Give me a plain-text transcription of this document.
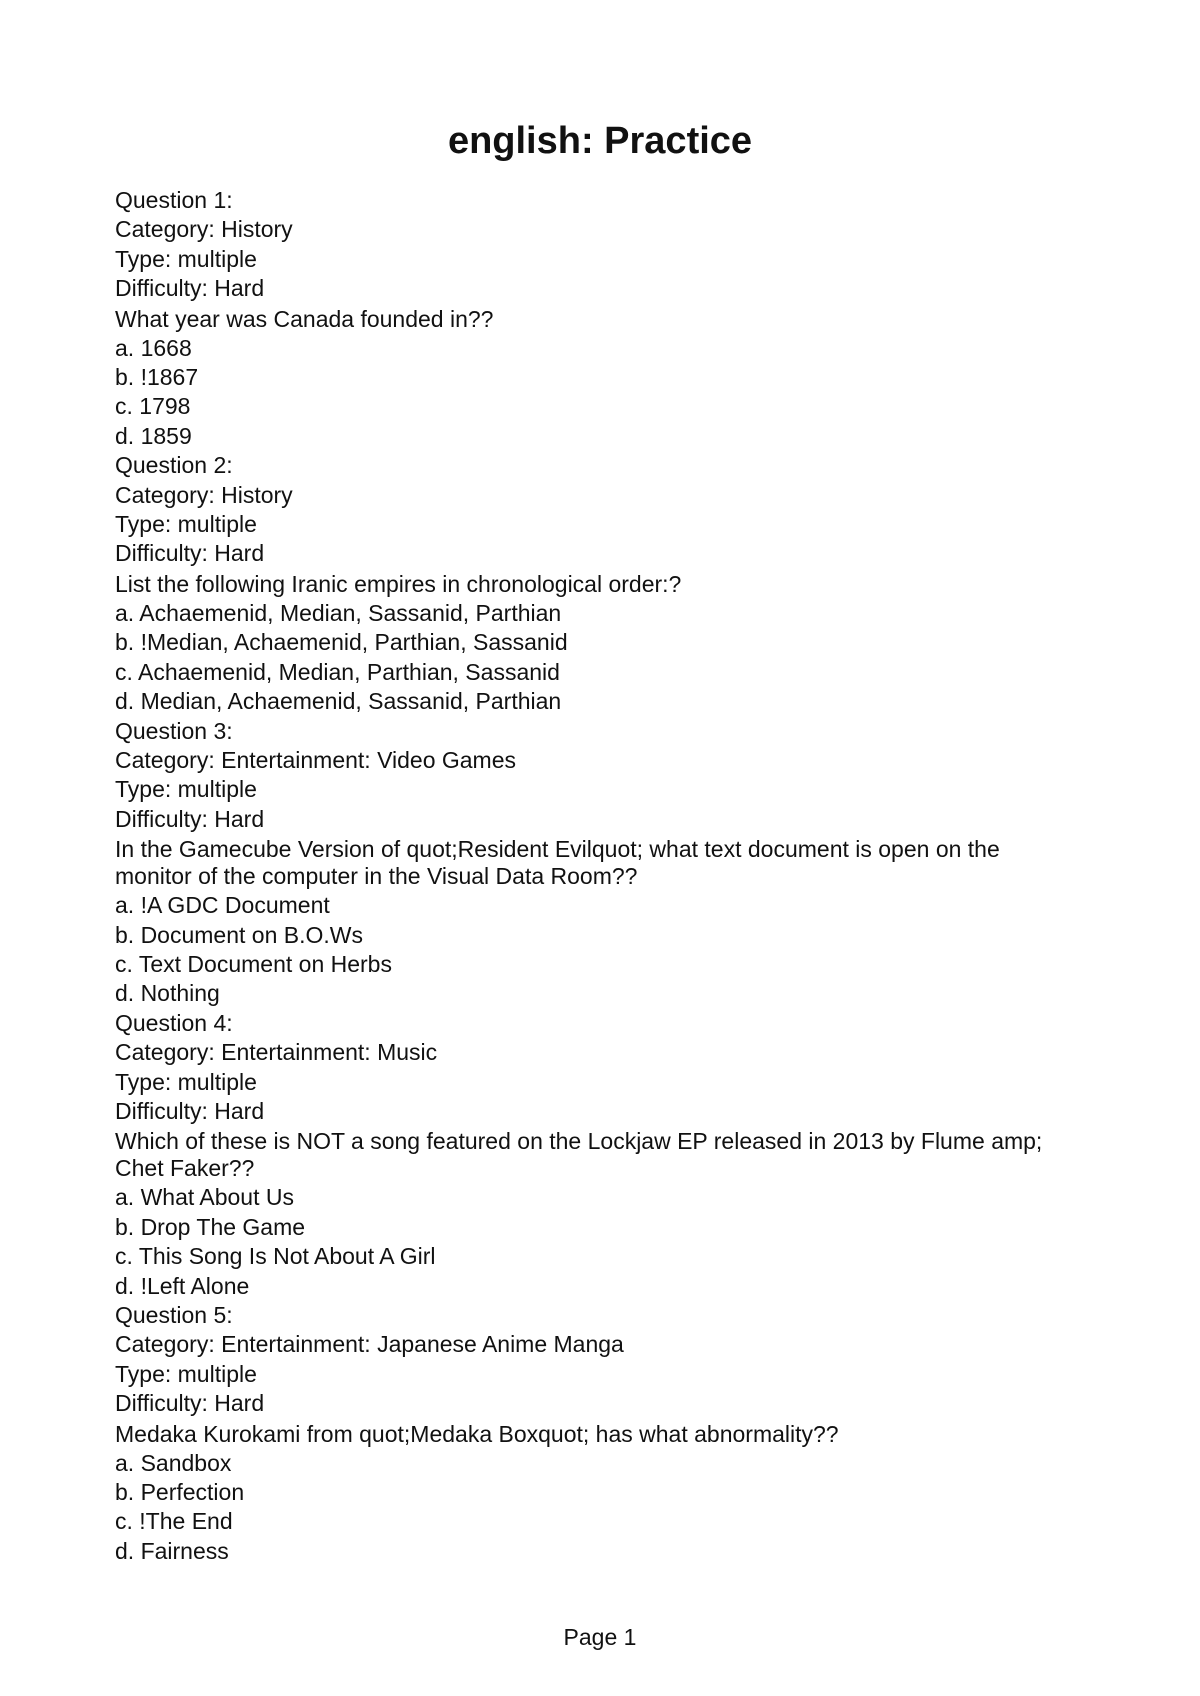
english: Practice
Question 1:
Category: History
Type: multiple
Difficulty: Hard
What year was Canada founded in??
a. 1668
b. !1867
c. 1798
d. 1859
Question 2:
Category: History
Type: multiple
Difficulty: Hard
List the following Iranic empires in chronological order:?
a. Achaemenid, Median, Sassanid, Parthian
b. !Median, Achaemenid, Parthian, Sassanid
c. Achaemenid, Median, Parthian, Sassanid
d. Median, Achaemenid, Sassanid, Parthian
Question 3:
Category: Entertainment: Video Games
Type: multiple
Difficulty: Hard
In the Gamecube Version of quot;Resident Evilquot; what text document is open on the monitor of the computer in the Visual Data Room??
a. !A GDC Document
b. Document on B.O.Ws
c. Text Document on Herbs
d. Nothing
Question 4:
Category: Entertainment: Music
Type: multiple
Difficulty: Hard
Which of these is NOT a song featured on the Lockjaw EP released in 2013 by Flume amp; Chet Faker??
a. What About Us
b. Drop The Game
c. This Song Is Not About A Girl
d. !Left Alone
Question 5:
Category: Entertainment: Japanese Anime Manga
Type: multiple
Difficulty: Hard
Medaka Kurokami from quot;Medaka Boxquot; has what abnormality??
a. Sandbox
b. Perfection
c. !The End
d. Fairness
Page 1
